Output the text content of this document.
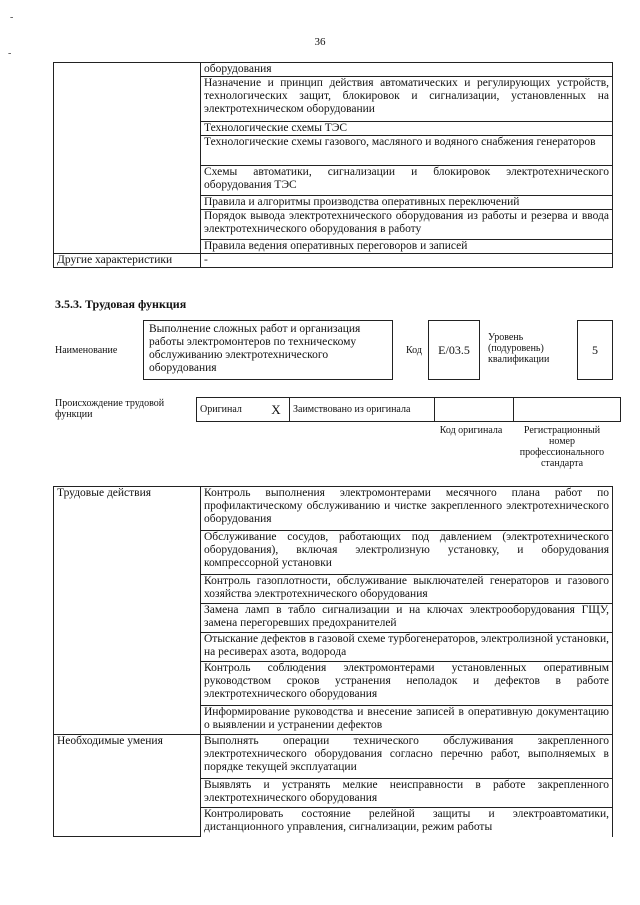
36
-
-
	оборудования
	Назначение и принцип действия автоматических и регулирующих устройств, технологических защит, блокировок и сигнализации, установленных на электротехническом оборудовании
	Технологические схемы ТЭС
	Технологические схемы газового, масляного и водяного снабжения генераторов
	Схемы автоматики, сигнализации и блокировок электротехнического оборудования ТЭС
	Правила и алгоритмы производства оперативных переключений
	Порядок вывода электротехнического оборудования из работы и резерва и ввода электротехнического оборудования в работу
	Правила ведения оперативных переговоров и записей
Другие характеристики	-
3.5.3. Трудовая функция
Наименование
Выполнение сложных работ и организация работы электромонтеров по техническому обслуживанию электротехнического оборудования
Код E/03.5
Уровень (подуровень) квалификации
5
Происхождение трудовой функции	Оригинал	X	Заимствовано из оригинала		
Код оригинала	Регистрационный номер профессионального стандарта
Трудовые действия	Контроль выполнения электромонтерами месячного плана работ по профилактическому обслуживанию и чистке закрепленного электротехнического оборудования
	Обслуживание сосудов, работающих под давлением (электротехнического оборудования), включая электролизную установку, и оборудования компрессорной установки
	Контроль газоплотности, обслуживание выключателей генераторов и газового хозяйства электротехнического оборудования
	Замена ламп в табло сигнализации и на ключах электрооборудования ГЩУ, замена перегоревших предохранителей
	Отыскание дефектов в газовой схеме турбогенераторов, электролизной установки, на ресиверах азота, водорода
	Контроль соблюдения электромонтерами установленных оперативным руководством сроков устранения неполадок и дефектов в работе электротехнического оборудования
	Информирование руководства и внесение записей в оперативную документацию о выявлении и устранении дефектов
Необходимые умения	Выполнять операции технического обслуживания закрепленного электротехнического оборудования согласно перечню работ, выполняемых в порядке текущей эксплуатации
	Выявлять и устранять мелкие неисправности в работе закрепленного электротехнического оборудования
	Контролировать состояние релейной защиты и электроавтоматики, дистанционного управления, сигнализации, режим работы
